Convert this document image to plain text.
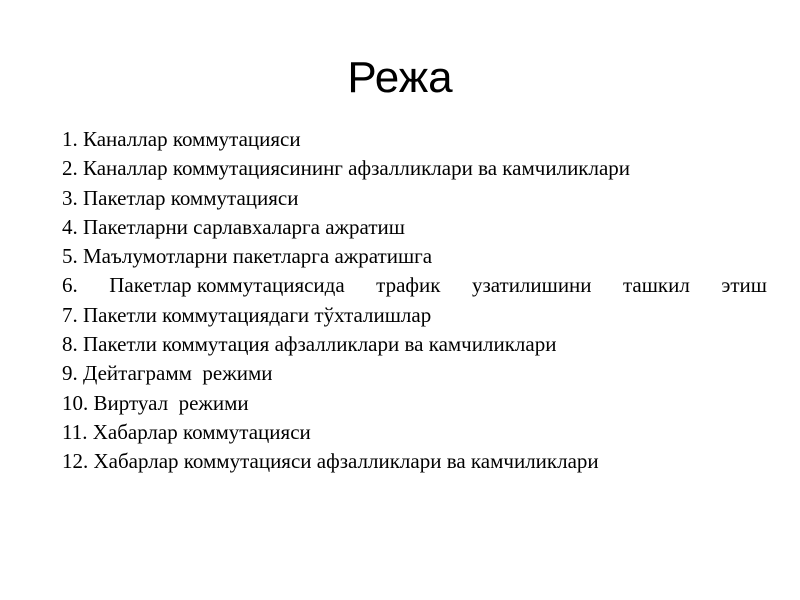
Режа
1. Каналлар коммутацияси
2. Каналлар коммутациясининг афзалликлари ва камчиликлари
3. Пакетлар коммутацияси
4. Пакетларни сарлавхаларга ажратиш
5. Маълумотларни пакетларга ажратишга
6. Пакетлар коммутациясида трафик узатилишини ташкил этиш
7. Пакетли коммутациядаги тўхталишлар
8. Пакетли коммутация афзалликлари ва камчиликлари
9. Дейтаграмм  режими
10. Виртуал  режими
11. Хабарлар коммутацияси
12. Хабарлар коммутацияси афзалликлари ва камчиликлари
